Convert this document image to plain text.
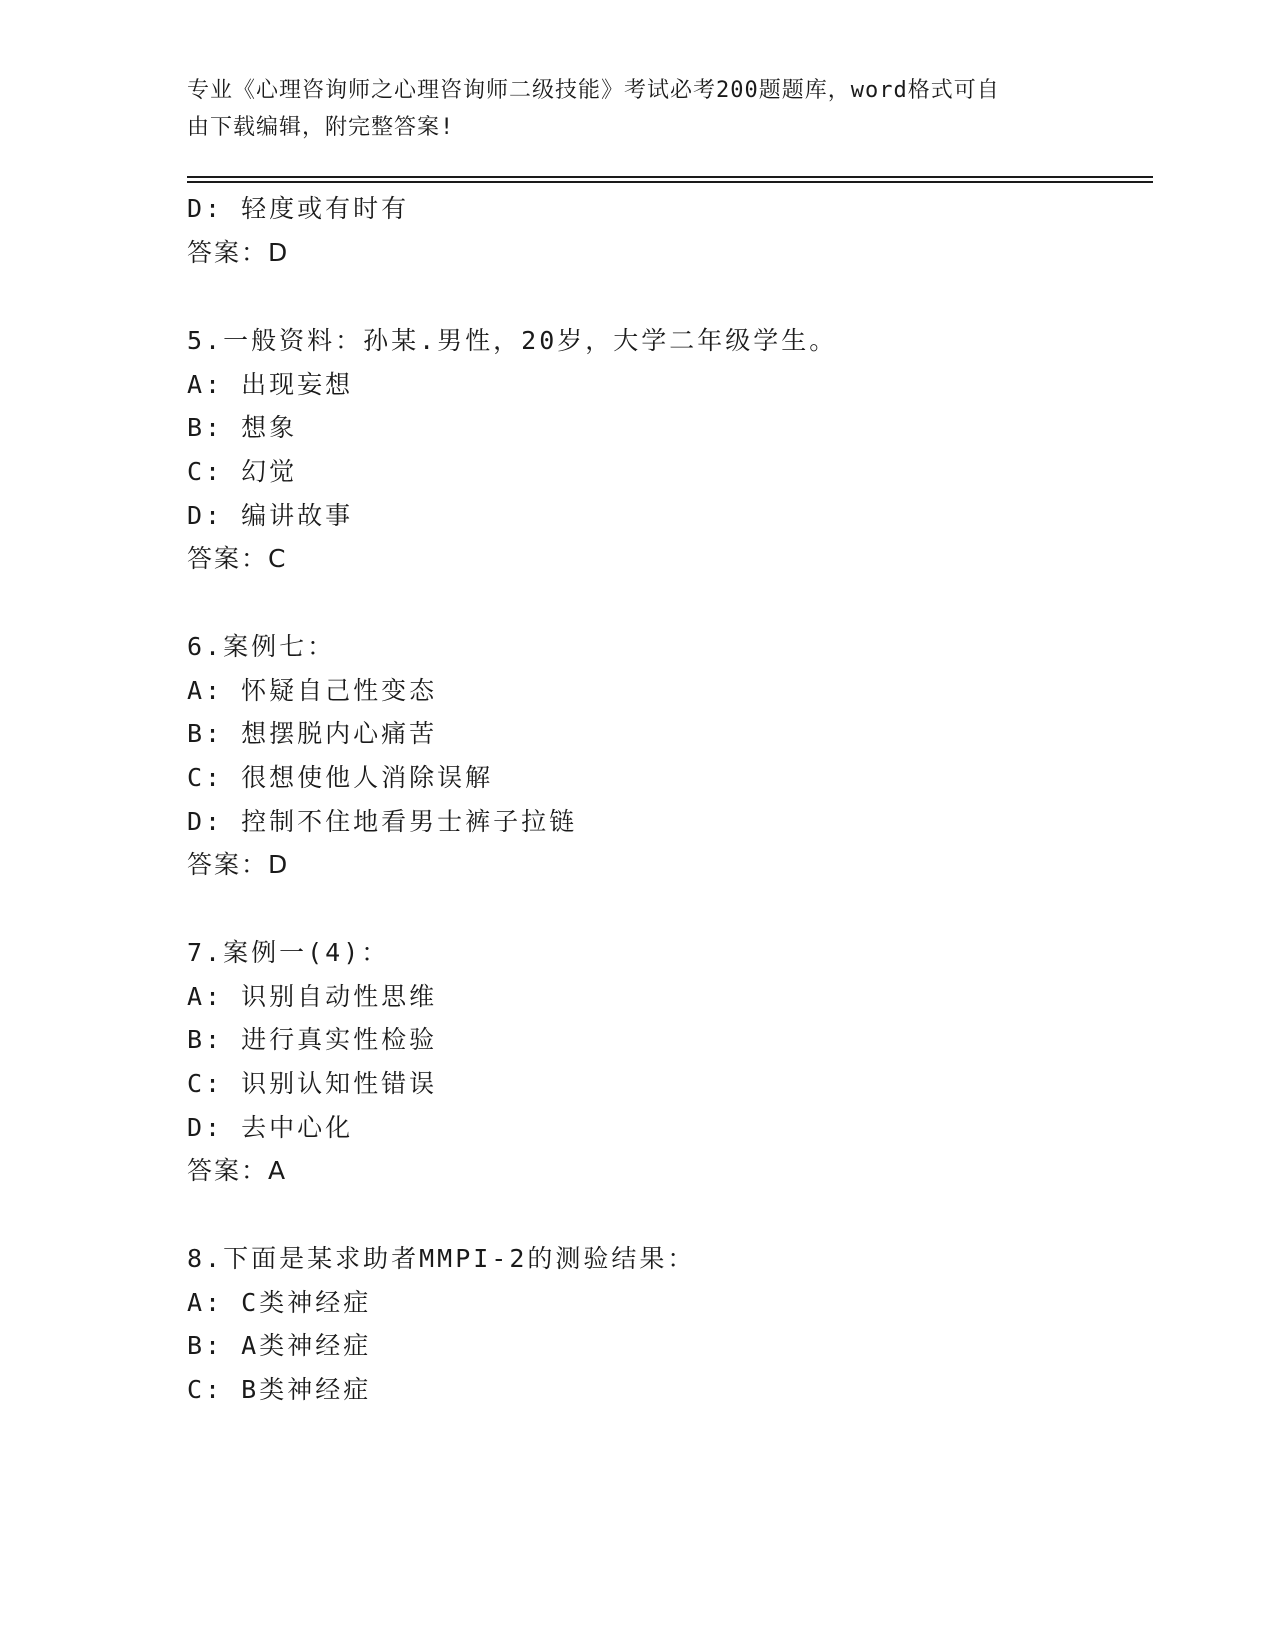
专业《心理咨询师之心理咨询师二级技能》考试必考200题题库，word格式可自
由下载编辑，附完整答案!
D: 轻度或有时有
答案：D
5.一般资料：孙某.男性，20岁，大学二年级学生。
A: 出现妄想
B: 想象
C: 幻觉
D: 编讲故事
答案：C
6.案例七：
A: 怀疑自己性变态
B: 想摆脱内心痛苦
C: 很想使他人消除误解
D: 控制不住地看男士裤子拉链
答案：D
7.案例一(4)：
A: 识别自动性思维
B: 进行真实性检验
C: 识别认知性错误
D: 去中心化
答案：A
8.下面是某求助者MMPI-2的测验结果：
A: C类神经症
B: A类神经症
C: B类神经症
